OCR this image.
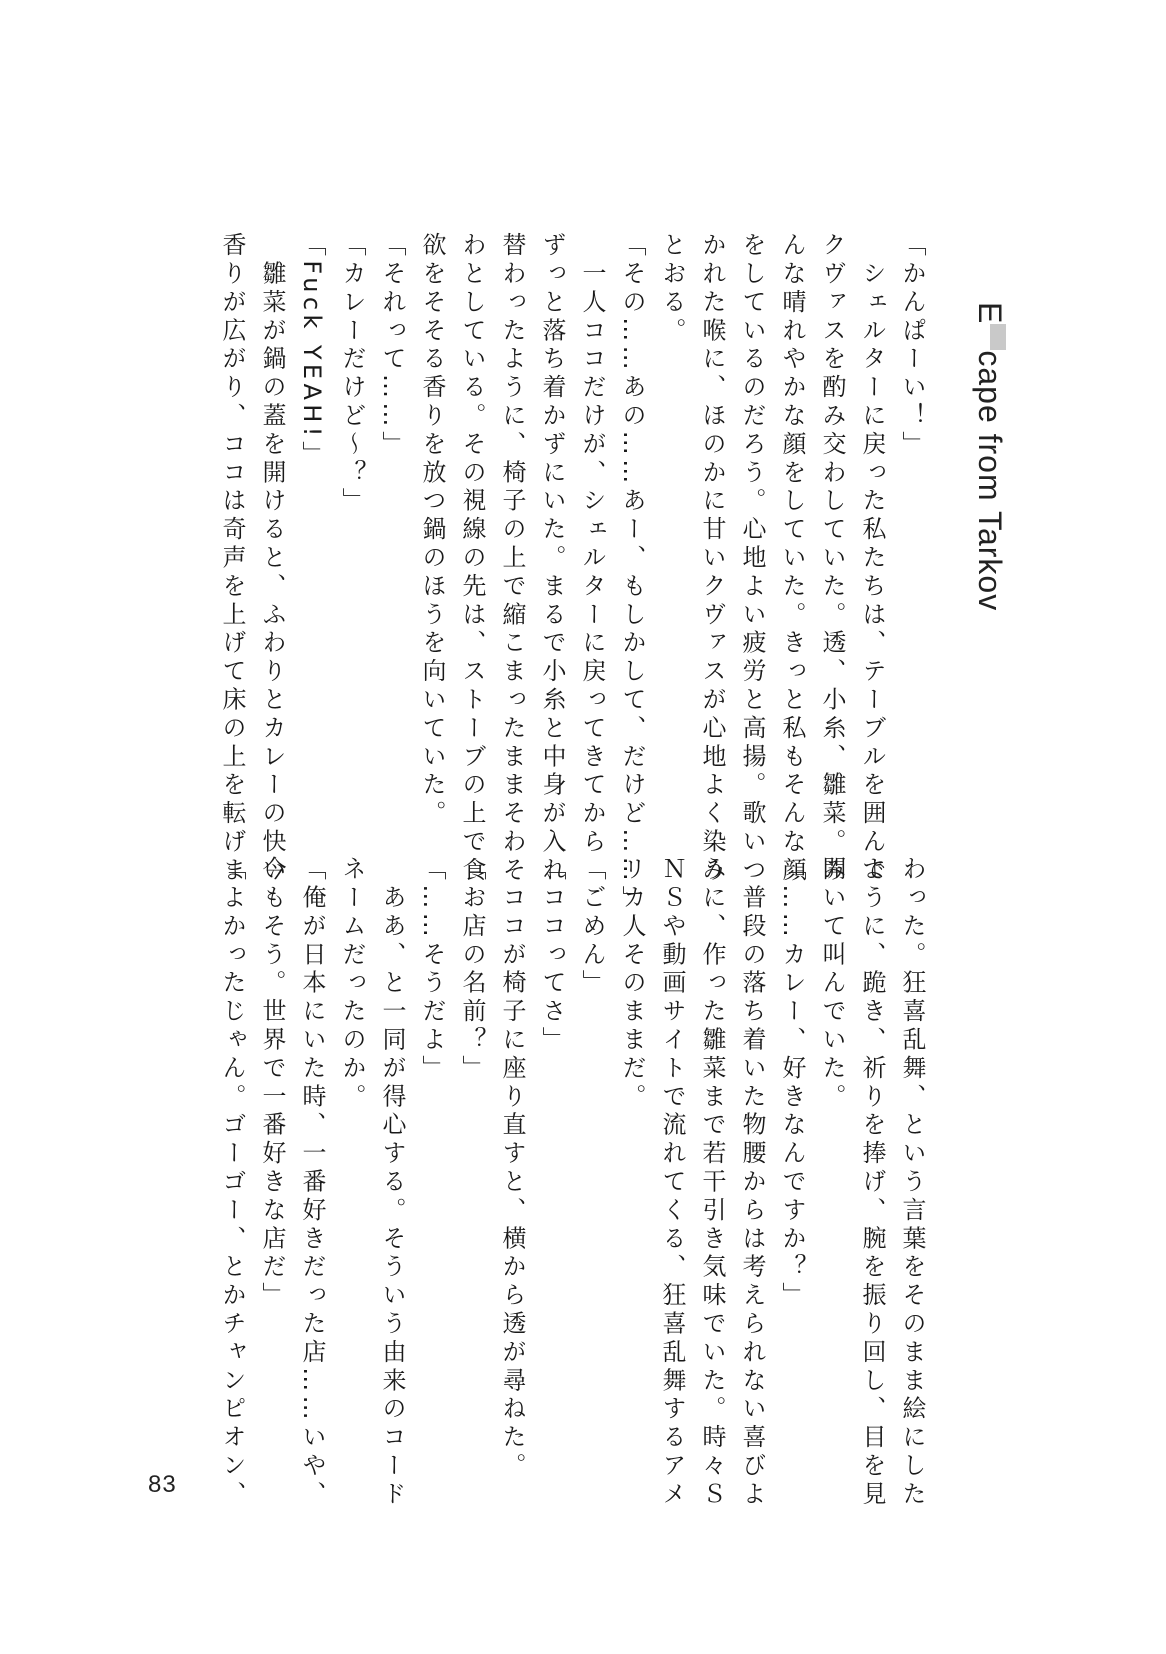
Ecape from Tarkov
「かんぱーい！」
　シェルターに戻った私たちは、テーブルを囲んで
クヴァスを酌み交わしていた。透、小糸、雛菜。み
んな晴れやかな顔をしていた。きっと私もそんな顔
をしているのだろう。心地よい疲労と高揚。歌いつ
かれた喉に、ほのかに甘いクヴァスが心地よく染み
とおる。
「その……あの……あー、もしかして、だけど……」
　一人ココだけが、シェルターに戻ってきてから
ずっと落ち着かずにいた。まるで小糸と中身が入れ
替わったように、椅子の上で縮こまったままそわそ
わとしている。その視線の先は、ストーブの上で食
欲をそそる香りを放つ鍋のほうを向いていた。
「それって……」
「カレーだけど～？」
「Fuck YEAH!」
　雛菜が鍋の蓋を開けると、ふわりとカレーの快い
香りが広がり、ココは奇声を上げて床の上を転げま
わった。狂喜乱舞、という言葉をそのまま絵にした
ように、跪き、祈りを捧げ、腕を振り回し、目を見
開いて叫んでいた。
「……カレー、好きなんですか？」
　普段の落ち着いた物腰からは考えられない喜びよ
うに、作った雛菜まで若干引き気味でいた。時々Ｓ
ＮＳや動画サイトで流れてくる、狂喜乱舞するアメ
リカ人そのままだ。
「ごめん」
「ココってさ」
　ココが椅子に座り直すと、横から透が尋ねた。
「お店の名前？」
「……そうだよ」
　ああ、と一同が得心する。そういう由来のコード
ネームだったのか。
「俺が日本にいた時、一番好きだった店……いや、
今もそう。世界で一番好きな店だ」
「よかったじゃん。ゴーゴー、とかチャンピオン、
83
